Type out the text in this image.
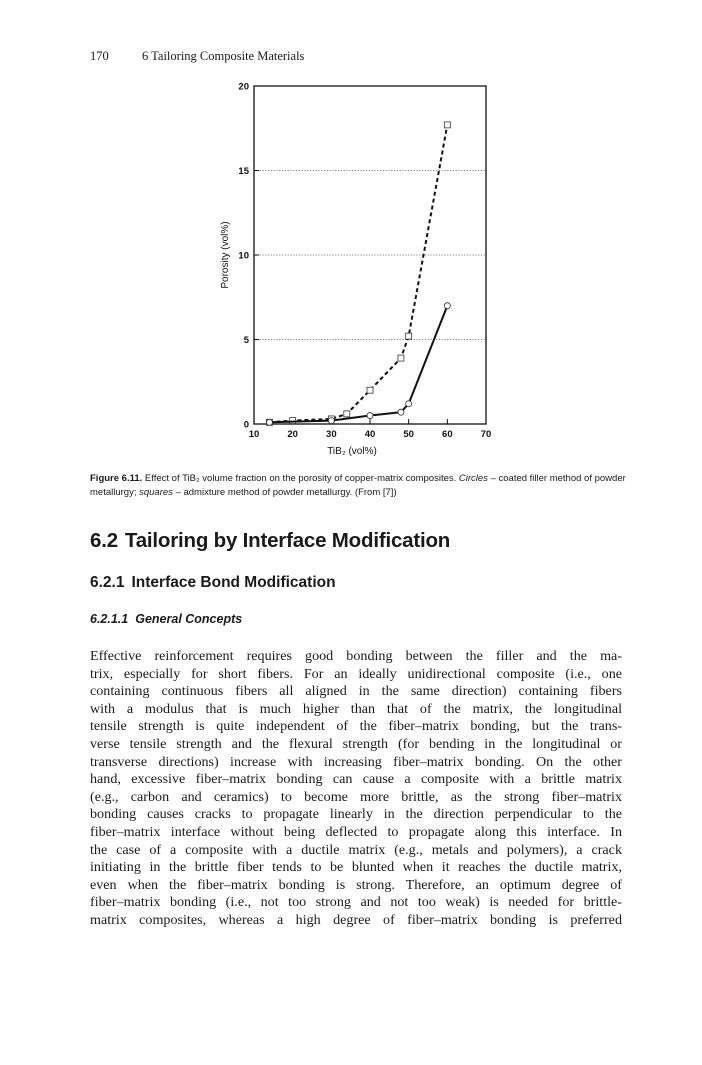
170	6 Tailoring Composite Materials
0
5
10
15
20
10	20	30	40	50	60	70
TiB₂ (vol%)
Porosity (vol%)
Figure 6.11. Effect of TiB₂ volume fraction on the porosity of copper-matrix composites. Circles – coated filler method of powder metallurgy; squares – admixture method of powder metallurgy. (From [7])
6.2 Tailoring by Interface Modification
6.2.1 Interface Bond Modification
6.2.1.1 General Concepts
Effective reinforcement requires good bonding between the filler and the ma-
trix, especially for short fibers. For an ideally unidirectional composite (i.e., one
containing continuous fibers all aligned in the same direction) containing fibers
with a modulus that is much higher than that of the matrix, the longitudinal
tensile strength is quite independent of the fiber–matrix bonding, but the trans-
verse tensile strength and the flexural strength (for bending in the longitudinal or
transverse directions) increase with increasing fiber–matrix bonding. On the other
hand, excessive fiber–matrix bonding can cause a composite with a brittle matrix
(e.g., carbon and ceramics) to become more brittle, as the strong fiber–matrix
bonding causes cracks to propagate linearly in the direction perpendicular to the
fiber–matrix interface without being deflected to propagate along this interface. In
the case of a composite with a ductile matrix (e.g., metals and polymers), a crack
initiating in the brittle fiber tends to be blunted when it reaches the ductile matrix,
even when the fiber–matrix bonding is strong. Therefore, an optimum degree of
fiber–matrix bonding (i.e., not too strong and not too weak) is needed for brittle-
matrix composites, whereas a high degree of fiber–matrix bonding is preferred
